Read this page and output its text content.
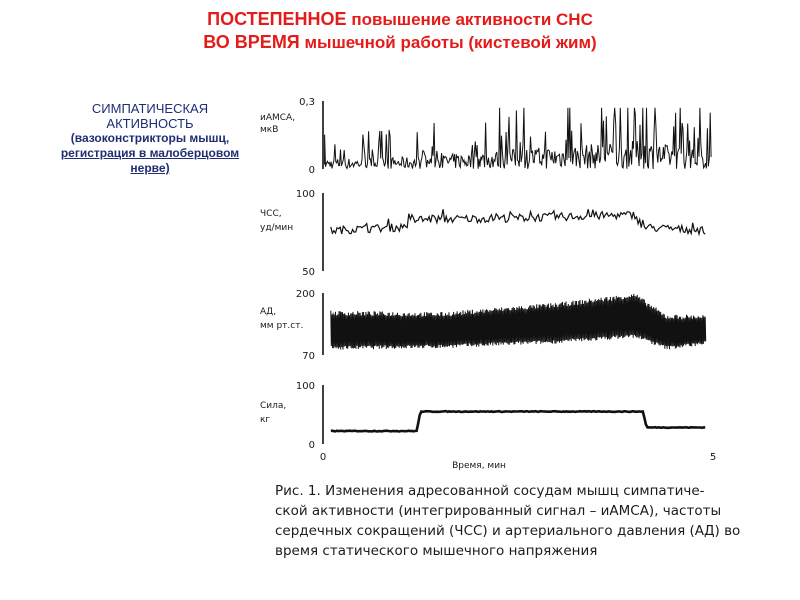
ПОСТЕПЕННОЕ повышение активности СНС
ВО ВРЕМЯ мышечной работы (кистевой жим)
СИМПАТИЧЕСКАЯ АКТИВНОСТЬ
(вазоконстрикторы мышц,
регистрация в малоберцовом нерве)
0,3
0
иАМСА,
мкВ
100
50
ЧСС,
уд/мин
200
70
АД,
мм рт.ст.
100
0
Сила,
кг
0	5
Время, мин
Рис. 1. Изменения адресованной сосудам мышц симпатиче-
ской активности (интегрированный сигнал – иАМСА), частоты
сердечных сокращений (ЧСС) и артериального давления (АД) во
время статического мышечного напряжения
